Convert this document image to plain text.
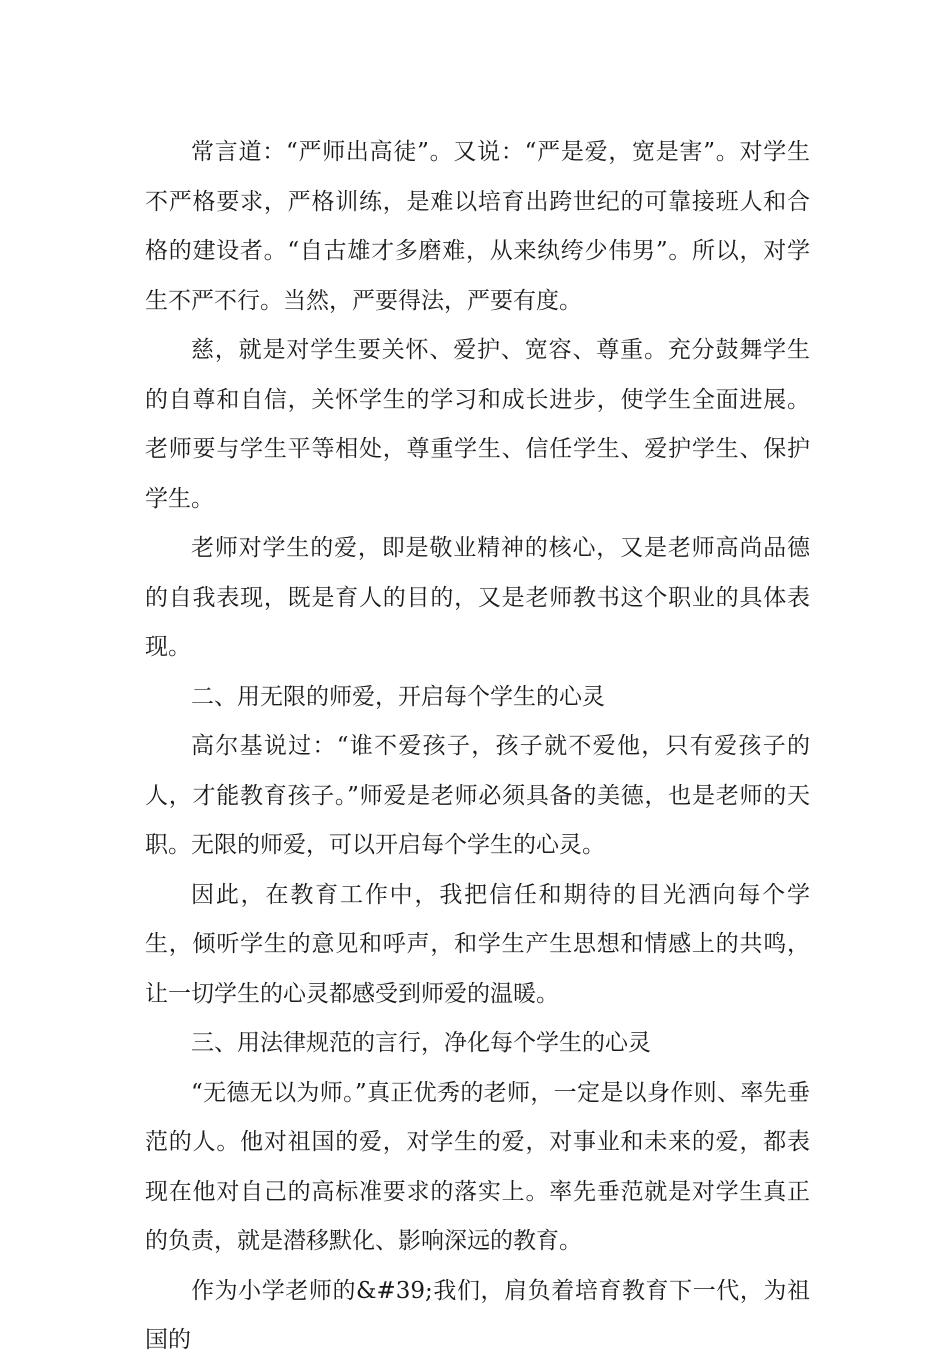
常言道：“严师出高徒”。又说：“严是爱，宽是害”。对学生不严格要求，严格训练，是难以培育出跨世纪的可靠接班人和合格的建设者。“自古雄才多磨难，从来纨绔少伟男”。所以，对学生不严不行。当然，严要得法，严要有度。

慈，就是对学生要关怀、爱护、宽容、尊重。充分鼓舞学生的自尊和自信，关怀学生的学习和成长进步，使学生全面进展。老师要与学生平等相处，尊重学生、信任学生、爱护学生、保护学生。

老师对学生的爱，即是敬业精神的核心，又是老师高尚品德的自我表现，既是育人的目的，又是老师教书这个职业的具体表现。

二、用无限的师爱，开启每个学生的心灵

高尔基说过：“谁不爱孩子，孩子就不爱他，只有爱孩子的人，才能教育孩子。”师爱是老师必须具备的美德，也是老师的天职。无限的师爱，可以开启每个学生的心灵。

因此，在教育工作中，我把信任和期待的目光洒向每个学生，倾听学生的意见和呼声，和学生产生思想和情感上的共鸣，让一切学生的心灵都感受到师爱的温暖。

三、用法律规范的言行，净化每个学生的心灵

“无德无以为师。”真正优秀的老师，一定是以身作则、率先垂范的人。他对祖国的爱，对学生的爱，对事业和未来的爱，都表现在他对自己的高标准要求的落实上。率先垂范就是对学生真正的负责，就是潜移默化、影响深远的教育。

作为小学老师的&#39;我们，肩负着培育教育下一代，为祖国的
